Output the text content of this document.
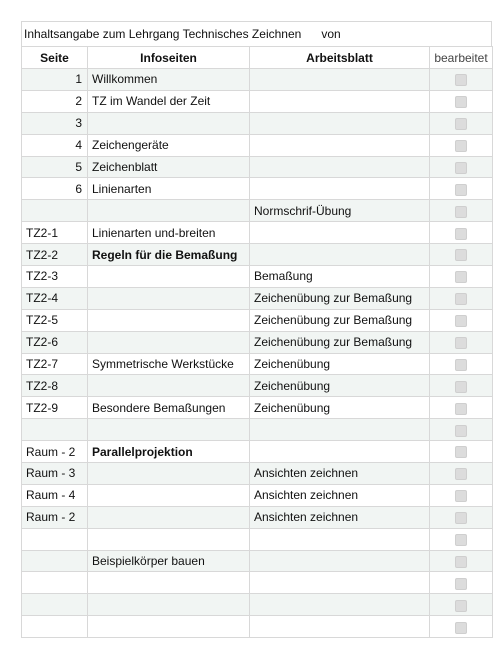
Inhaltsangabe zum Lehrgang Technisches Zeichnen von
Seite	Infoseiten	Arbeitsblatt	bearbeitet
1	Willkommen		
2	TZ im Wandel der Zeit		
3			
4	Zeichengeräte		
5	Zeichenblatt		
6	Linienarten		
		Normschrif-Übung	
TZ2-1	Linienarten und-breiten		
TZ2-2	Regeln für die Bemaßung		
TZ2-3		Bemaßung	
TZ2-4		Zeichenübung zur Bemaßung	
TZ2-5		Zeichenübung zur Bemaßung	
TZ2-6		Zeichenübung zur Bemaßung	
TZ2-7	Symmetrische Werkstücke	Zeichenübung	
TZ2-8		Zeichenübung	
TZ2-9	Besondere Bemaßungen	Zeichenübung	

Raum - 2	Parallelprojektion		
Raum - 3		Ansichten zeichnen	
Raum - 4		Ansichten zeichnen	
Raum - 2		Ansichten zeichnen	

	Beispielkörper bauen		
